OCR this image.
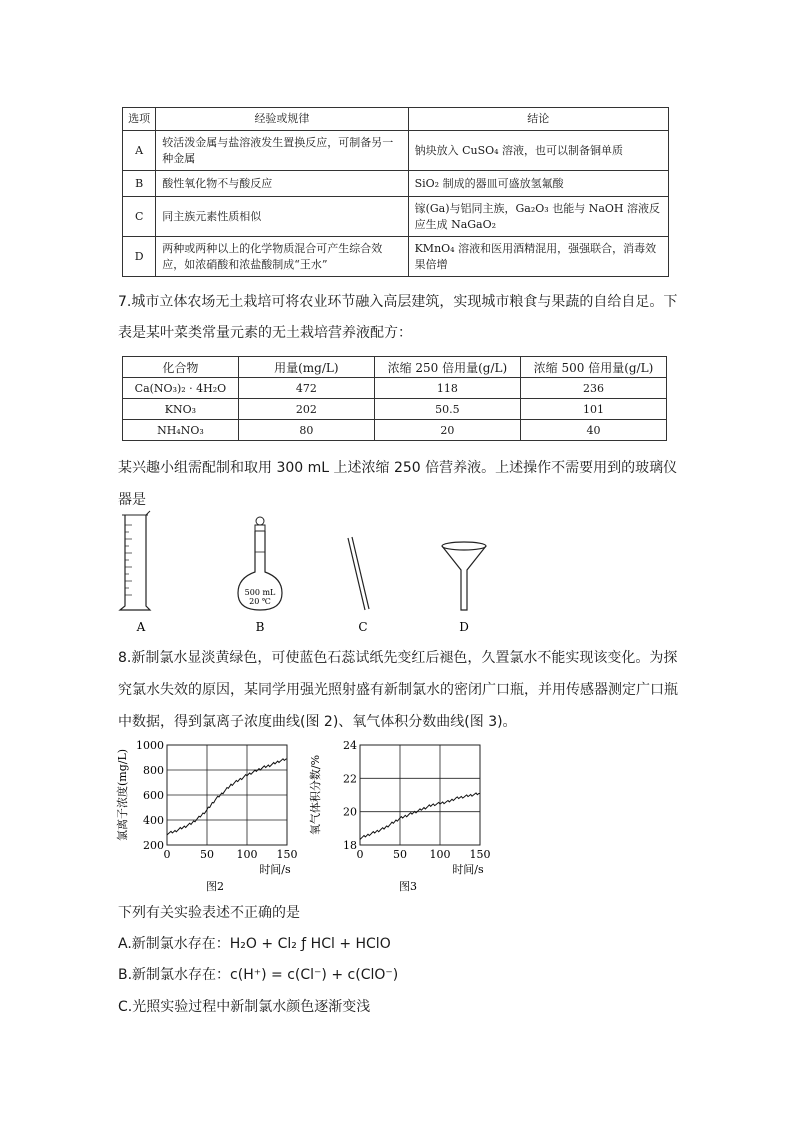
选项	经验或规律	结论
A	较活泼金属与盐溶液发生置换反应，可制备另一种金属	钠块放入 CuSO₄ 溶液，也可以制备铜单质
B	酸性氧化物不与酸反应	SiO₂ 制成的器皿可盛放氢氟酸
C	同主族元素性质相似	镓(Ga)与铝同主族，Ga₂O₃ 也能与 NaOH 溶液反应生成 NaGaO₂
D	两种或两种以上的化学物质混合可产生综合效应，如浓硝酸和浓盐酸制成“王水”	KMnO₄ 溶液和医用酒精混用，强强联合，消毒效果倍增
7.城市立体农场无土栽培可将农业环节融入高层建筑，实现城市粮食与果蔬的自给自足。下表是某叶菜类常量元素的无土栽培营养液配方：
化合物	用量(mg/L)	浓缩 250 倍用量(g/L)	浓缩 500 倍用量(g/L)
Ca(NO₃)₂ · 4H₂O	472	118	236
KNO₃	202	50.5	101
NH₄NO₃	80	20	40
某兴趣小组需配制和取用 300 mL 上述浓缩 250 倍营养液。上述操作不需要用到的玻璃仪器是
500 mL
20 ℃
A	B	C	D
8.新制氯水显淡黄绿色，可使蓝色石蕊试纸先变红后褪色，久置氯水不能实现该变化。为探究氯水失效的原因，某同学用强光照射盛有新制氯水的密闭广口瓶，并用传感器测定广口瓶中数据，得到氯离子浓度曲线(图 2)、氧气体积分数曲线(图 3)。
0	50 100 150
200
400
600
800
1000
氯离子浓度(mg/L)
时间/s
图2
0	50 100 150
18
20
22
24
氧气体积分数/%
时间/s
图3
下列有关实验表述不正确的是
A.新制氯水存在：H₂O + Cl₂ ƒ HCl + HClO
B.新制氯水存在：c(H⁺) = c(Cl⁻) + c(ClO⁻)
C.光照实验过程中新制氯水颜色逐渐变浅
